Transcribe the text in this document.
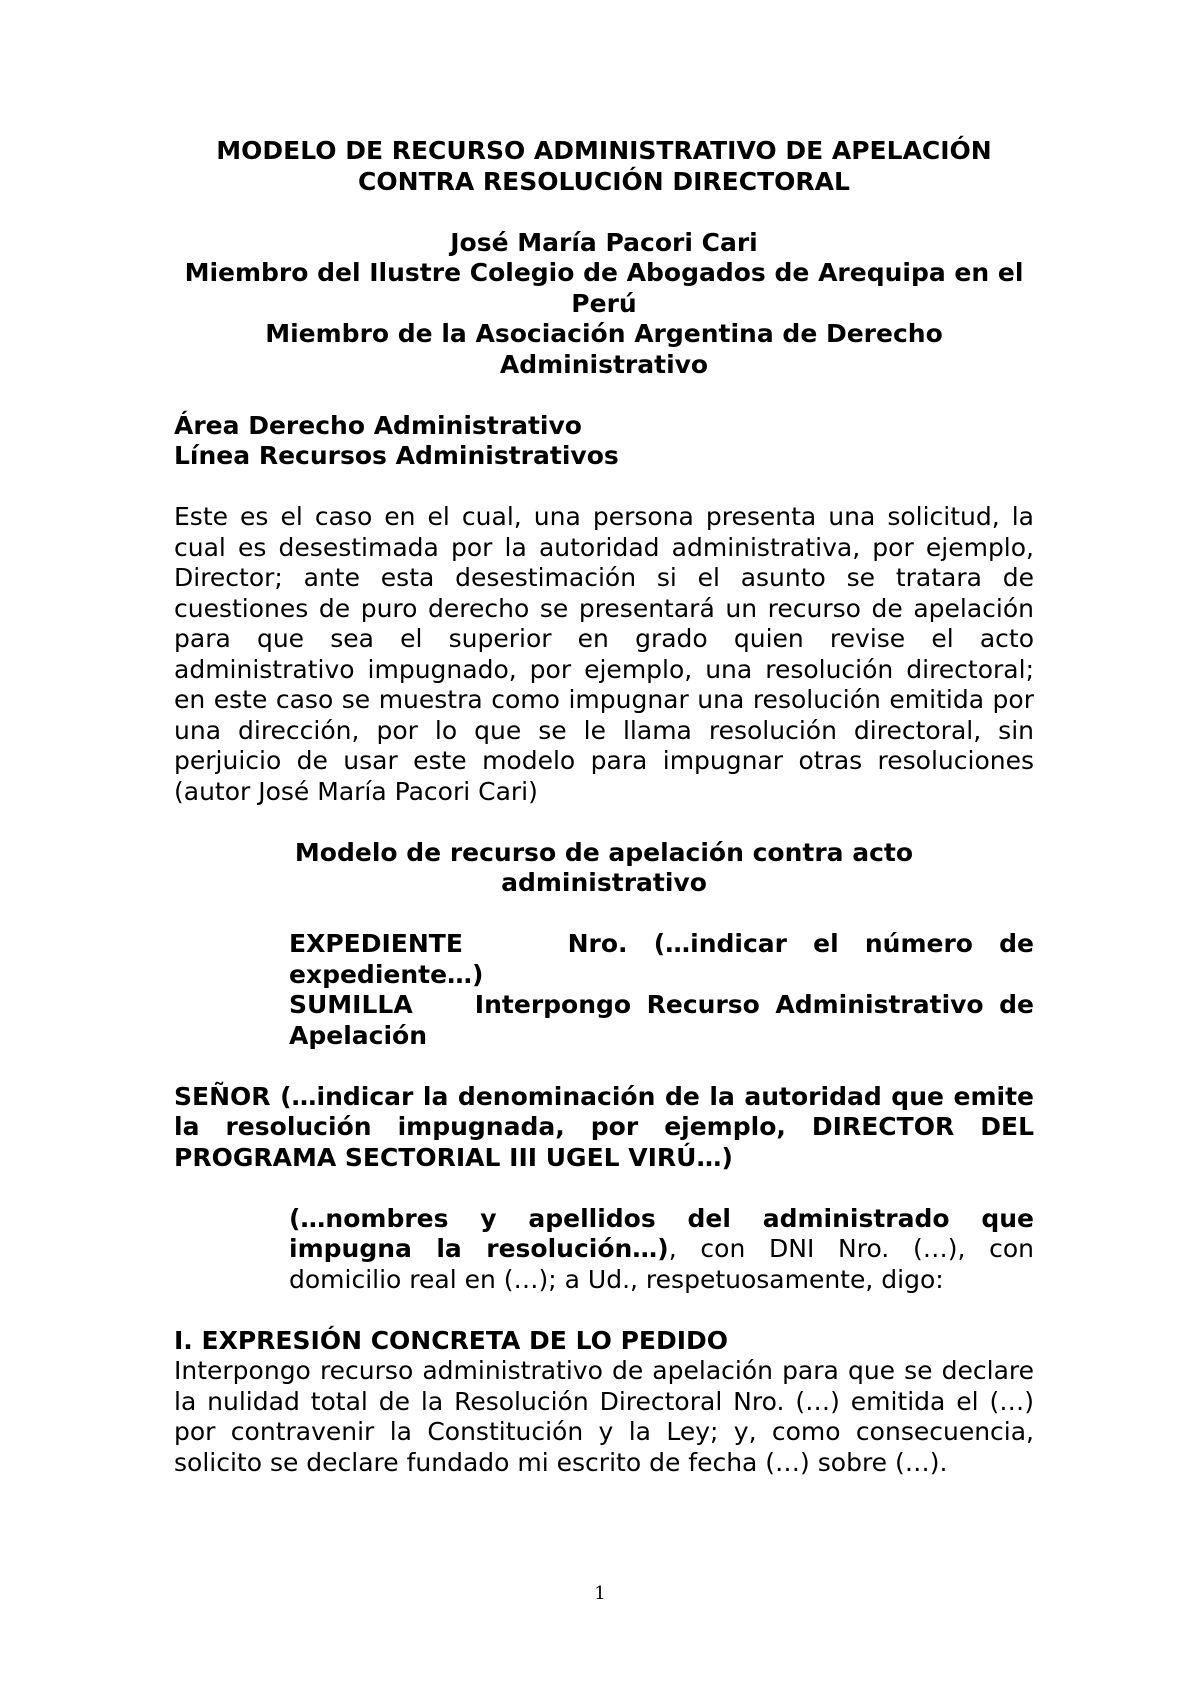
MODELO DE RECURSO ADMINISTRATIVO DE APELACIÓN
CONTRA RESOLUCIÓN DIRECTORAL

José María Pacori Cari

Miembro del Ilustre Colegio de Abogados de Arequipa en el Perú

Miembro de la Asociación Argentina de Derecho Administrativo

Área Derecho Administrativo

Línea Recursos Administrativos

Este es el caso en el cual, una persona presenta una solicitud, la cual es desestimada por la autoridad administrativa, por ejemplo, Director; ante esta desestimación si el asunto se tratara de cuestiones de puro derecho se presentará un recurso de apelación para que sea el superior en grado quien revise el acto administrativo impugnado, por ejemplo, una resolución directoral; en este caso se muestra como impugnar una resolución emitida por una dirección, por lo que se le llama resolución directoral, sin perjuicio de usar este modelo para impugnar otras resoluciones (autor José María Pacori Cari)

Modelo de recurso de apelación contra acto administrativo

EXPEDIENTE    Nro. (…indicar el número de expediente…)

SUMILLA    Interpongo Recurso Administrativo de Apelación

SEÑOR (…indicar la denominación de la autoridad que emite la resolución impugnada, por ejemplo, DIRECTOR DEL PROGRAMA SECTORIAL III UGEL VIRÚ…)

(…nombres y apellidos del administrado que impugna la resolución…), con DNI Nro. (…), con domicilio real en (…); a Ud., respetuosamente, digo:

I. EXPRESIÓN CONCRETA DE LO PEDIDO

Interpongo recurso administrativo de apelación para que se declare la nulidad total de la Resolución Directoral Nro. (…) emitida el (…) por contravenir la Constitución y la Ley; y, como consecuencia, solicito se declare fundado mi escrito de fecha (…) sobre (…).

1
